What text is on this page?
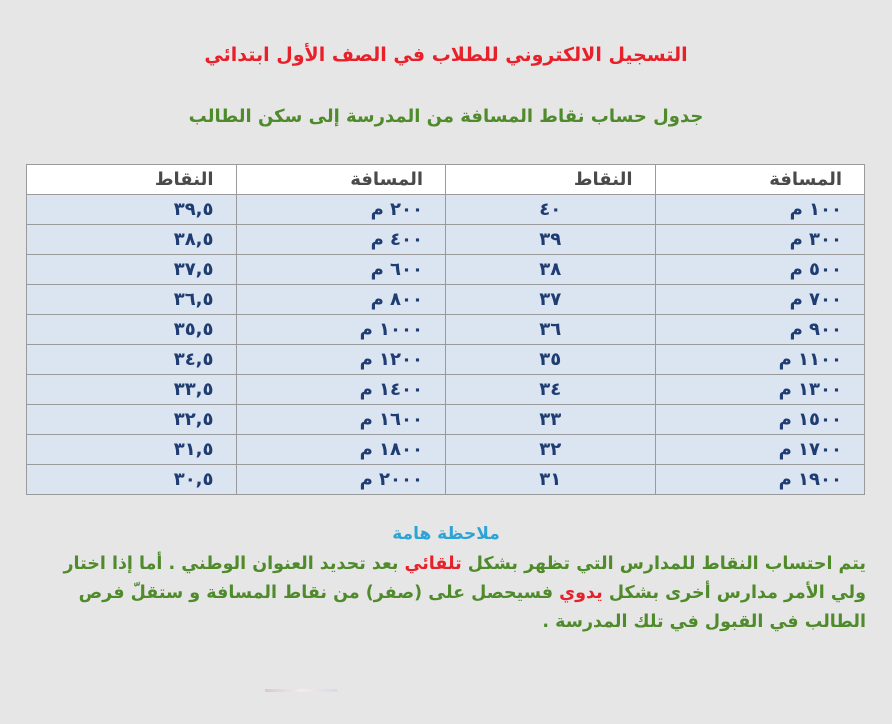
التسجيل الالكتروني للطلاب في الصف الأول ابتدائي
جدول حساب نقاط المسافة من المدرسة إلى سكن الطالب
المسافة	النقاط	المسافة	النقاط
١٠٠ م	٤٠	٢٠٠ م	٣٩,٥
٣٠٠ م	٣٩	٤٠٠ م	٣٨,٥
٥٠٠ م	٣٨	٦٠٠ م	٣٧,٥
٧٠٠ م	٣٧	٨٠٠ م	٣٦,٥
٩٠٠ م	٣٦	١٠٠٠ م	٣٥,٥
١١٠٠ م	٣٥	١٢٠٠ م	٣٤,٥
١٣٠٠ م	٣٤	١٤٠٠ م	٣٣,٥
١٥٠٠ م	٣٣	١٦٠٠ م	٣٢,٥
١٧٠٠ م	٣٢	١٨٠٠ م	٣١,٥
١٩٠٠ م	٣١	٢٠٠٠ م	٣٠,٥
ملاحظة هامة
يتم احتساب النقاط للمدارس التي تظهر بشكل تلقائي بعد تحديد العنوان الوطني . أما إذا اختار ولي الأمر مدارس أخرى بشكل يدوي فسيحصل على (صفر) من نقاط المسافة و ستقلّ فرص الطالب في القبول في تلك المدرسة .
